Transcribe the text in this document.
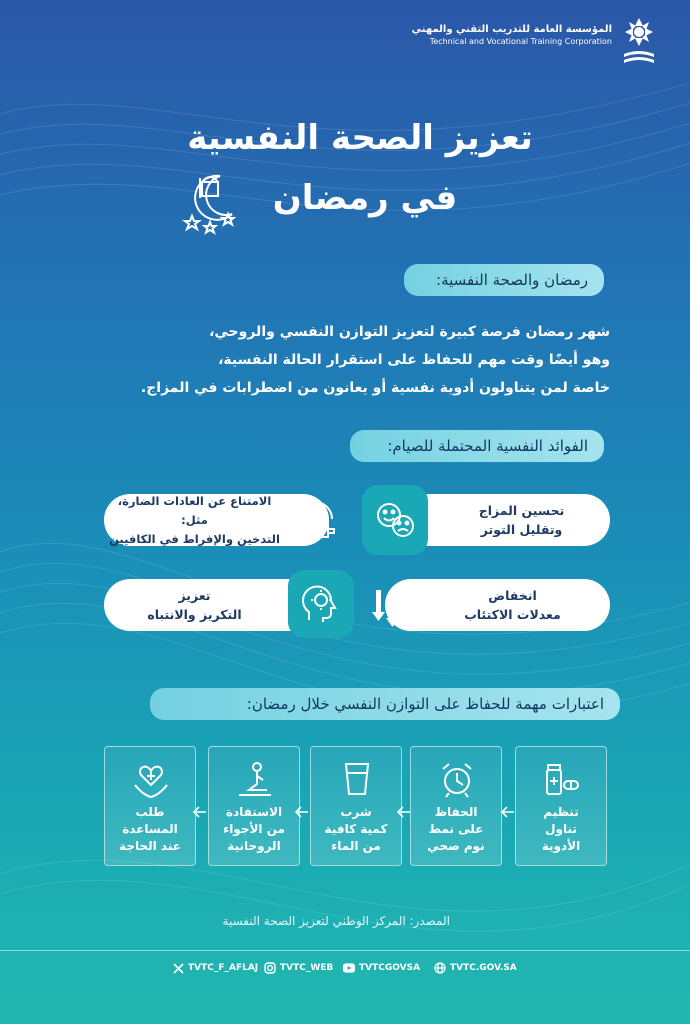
المؤسسة العامة للتدريب التقني والمهني
Technical and Vocational Training Corporation
تعزيز الصحة النفسية
في رمضان
رمضان والصحة النفسية:
شهر رمضان فرصة كبيرة لتعزيز التوازن النفسي والروحي،
وهو أيضًا وقت مهم للحفاظ على استقرار الحالة النفسية،
خاصة لمن يتناولون أدوية نفسية أو يعانون من اضطرابات في المزاج.
الفوائد النفسية المحتملة للصيام:
تحسين المزاج
وتقليل التوتر
الامتناع عن العادات الضارة، مثل:
التدخين والإفراط في الكافيين
انخفاض
معدلات الاكتئاب
تعزيز
التكريز والانتباه
اعتبارات مهمة للحفاظ على التوازن النفسي خلال رمضان:
تنظيم
تناول
الأدوية
الحفاظ
على نمط
نوم صحي
شرب
كمية كافية
من الماء
الاستفادة
من الأجواء
الروحانية
طلب
المساعدة
عند الحاجة
المصدر: المركز الوطني لتعزيز الصحة النفسية
TVTC_F_AFLAJ TVTC_WEB	TVTCGOVSA	TVTC.GOV.SA
